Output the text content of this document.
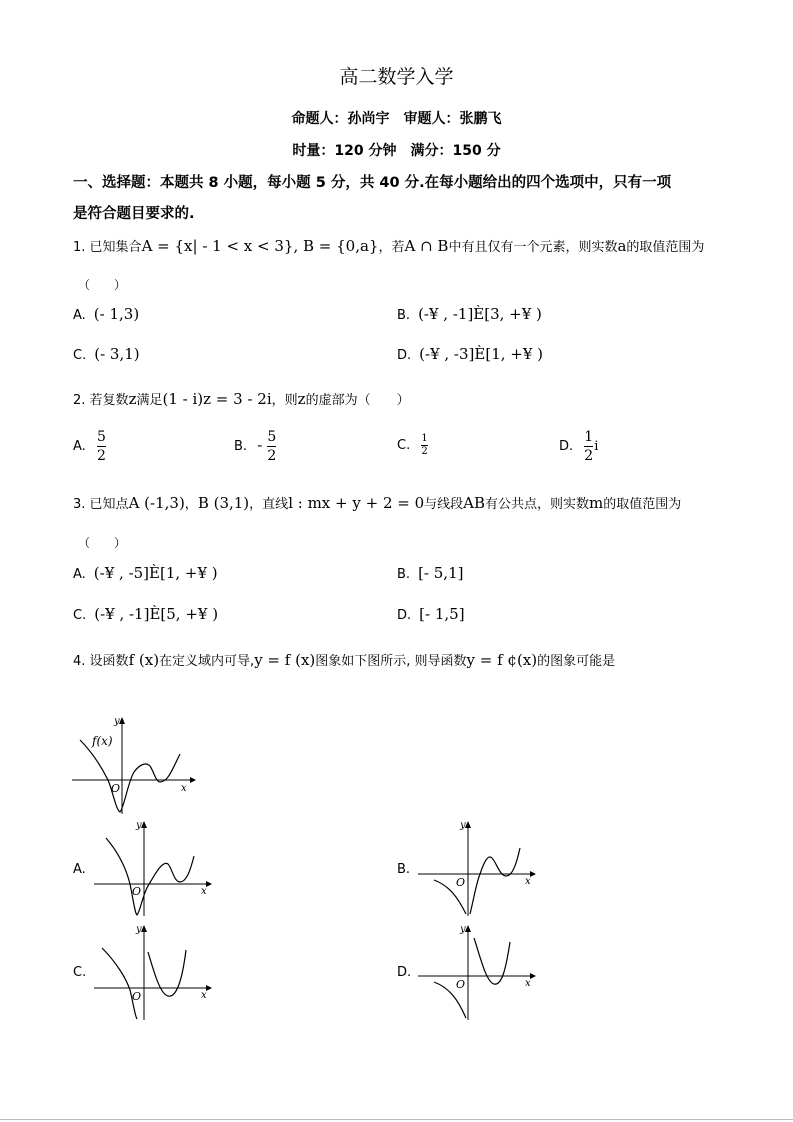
高二数学入学
命题人：孙尚宇　审题人：张鹏飞
时量：120 分钟　满分：150 分
一、选择题：本题共 8 小题，每小题 5 分，共 40 分.在每小题给出的四个选项中，只有一项
是符合题目要求的.
1. 已知集合A = {x| - 1 < x < 3}, B = {0,a}，若A ∩ B中有且仅有一个元素，则实数a的取值范围为
（　　）
A. (- 1,3)	B. (-¥ , -1]È[3, +¥ )
C. (- 3,1)	D. (-¥ , -3]È[1, +¥ )
2. 若复数z满足(1 - i)z = 3 - 2i，则z的虚部为（　　）
A. $\frac{5}{2}$	B. - $\frac{5}{2}$	C. $\frac{1}{2}$	D. $\frac{1}{2}$ i
3. 已知点A (-1,3)，B (3,1)，直线l : mx + y + 2 = 0与线段AB有公共点，则实数m的取值范围为
（　　）
A. (-¥ , -5]È[1, +¥ )	B. [- 5,1]
C. (-¥ , -1]È[5, +¥ )	D. [- 1,5]
4. 设函数f (x)在定义域内可导,y = f (x)图象如下图所示, 则导函数y = f ¢(x)的图象可能是
f(x)
y
x
O
A.
y
x
O
B.
y
x
O
C.
y
x
O
D.
y
x
O
